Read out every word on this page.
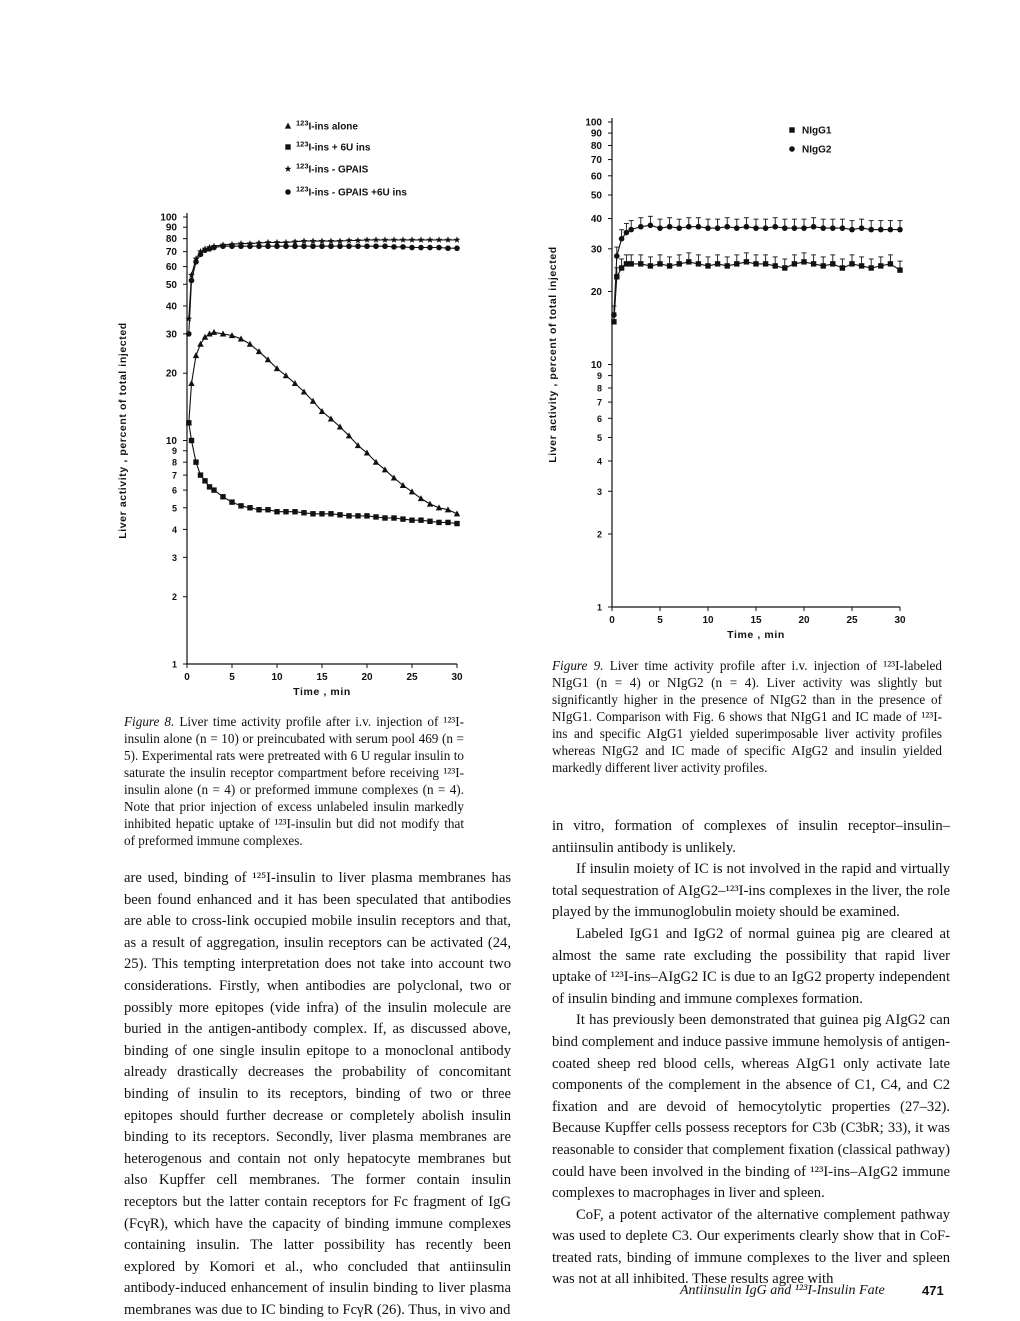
1
2
3
4
5
6
7
8
9
10
20
30
40
50
60
70
80
90
100
0	5	10	15	20	25	30
Time , min
Liver activity , percent of total injected
$^{123}$I-ins alone
$^{123}$I-ins + 6U ins
$^{123}$I-ins - GPAIS
$^{123}$I-ins - GPAIS +6U ins
1
2
3
4
5
6
7
8
9
10
20
30
40
50
60
70
80
90
100
0	5	10	15	20	25	30
Time , min
Liver activity , percent of total injected
NIgG1
NIgG2
Figure 8. Liver time activity profile after i.v. injection of ¹²³I-insulin alone (n = 10) or preincubated with serum pool 469 (n = 5). Experimental rats were pretreated with 6 U regular insulin to saturate the insulin receptor compartment before receiving ¹²³I-insulin alone (n = 4) or preformed immune complexes (n = 4). Note that prior injection of excess unlabeled insulin markedly inhibited hepatic uptake of ¹²³I-insulin but did not modify that of preformed immune complexes.
Figure 9. Liver time activity profile after i.v. injection of ¹²³I-labeled NIgG1 (n = 4) or NIgG2 (n = 4). Liver activity was slightly but significantly higher in the presence of NIgG2 than in the presence of NIgG1. Comparison with Fig. 6 shows that NIgG1 and IC made of ¹²³I-ins and specific AIgG1 yielded superimposable liver activity profiles whereas NIgG2 and IC made of specific AIgG2 and insulin yielded markedly different liver activity profiles.

are used, binding of ¹²⁵I-insulin to liver plasma membranes has been found enhanced and it has been speculated that antibodies are able to cross-link occupied mobile insulin receptors and that, as a result of aggregation, insulin receptors can be activated (24, 25). This tempting interpretation does not take into account two considerations. Firstly, when antibodies are polyclonal, two or possibly more epitopes (vide infra) of the insulin molecule are buried in the antigen-antibody complex. If, as discussed above, binding of one single insulin epitope to a monoclonal antibody already drastically decreases the probability of concomitant binding of insulin to its receptors, binding of two or three epitopes should further decrease or completely abolish insulin binding to its receptors. Secondly, liver plasma membranes are heterogenous and contain not only hepatocyte membranes but also Kupffer cell membranes. The former contain insulin receptors but the latter contain receptors for Fc fragment of IgG (FcγR), which have the capacity of binding immune complexes containing insulin. The latter possibility has recently been explored by Komori et al., who concluded that antiinsulin antibody-induced enhancement of insulin binding to liver plasma membranes was due to IC binding to FcγR (26). Thus, in vivo and

in vitro, formation of complexes of insulin receptor–insulin–antiinsulin antibody is unlikely.

If insulin moiety of IC is not involved in the rapid and virtually total sequestration of AIgG2–¹²³I-ins complexes in the liver, the role played by the immunoglobulin moiety should be examined.

Labeled IgG1 and IgG2 of normal guinea pig are cleared at almost the same rate excluding the possibility that rapid liver uptake of ¹²³I-ins–AIgG2 IC is due to an IgG2 property independent of insulin binding and immune complexes formation.

It has previously been demonstrated that guinea pig AIgG2 can bind complement and induce passive immune hemolysis of antigen-coated sheep red blood cells, whereas AIgG1 only activate late components of the complement in the absence of C1, C4, and C2 fixation and are devoid of hemocytolytic properties (27–32). Because Kupffer cells possess receptors for C3b (C3bR; 33), it was reasonable to consider that complement fixation (classical pathway) could have been involved in the binding of ¹²³I-ins–AIgG2 immune complexes to macrophages in liver and spleen.

CoF, a potent activator of the alternative complement pathway was used to deplete C3. Our experiments clearly show that in CoF-treated rats, binding of immune complexes to the liver and spleen was not at all inhibited. These results agree with

Antiinsulin IgG and ¹²³I-Insulin Fate	471
